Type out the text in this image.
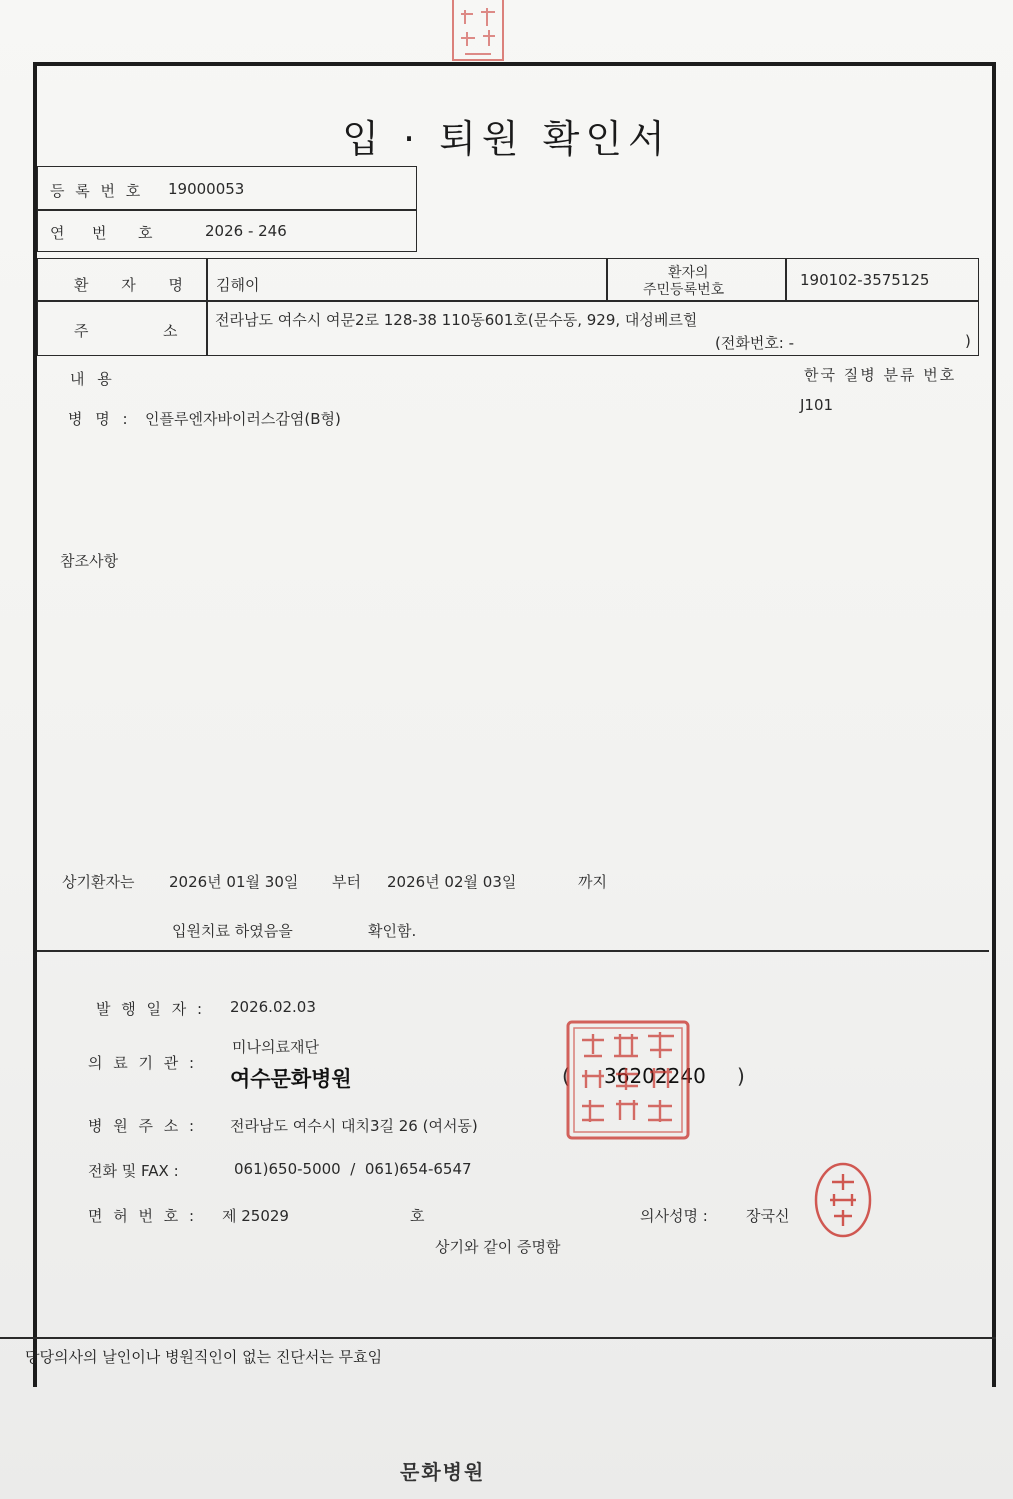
입 · 퇴원 확인서
등 록 번 호 19000053
연 번 호	2026 - 246
환 자 명 김해이
환자의
주민등록번호
190102-3575125
주	소
전라남도 여수시 여문2로 128-38 110동601호(문수동, 929, 대성베르힐
(전화번호: -	)
내 용	한국 질병 분류 번호
J101
병 명 : 인플루엔자바이러스감염(B형)
참조사항
상기환자는 2026년 01월 30일 부터 2026년 02월 03일	까지
입원치료 하였음을	확인함.
발 행 일 자 : 2026.02.03
의 료 기 관 :
미나의료재단
여수문화병원	( 36202240 )
병 원 주 소 : 전라남도 여수시 대치3길 26 (여서동)
전화 및 FAX :	061)650-5000  /  061)654-6547
면 허 번 호 : 제 25029	호	의사성명 :	장국신
상기와 같이 증명함
당당의사의 날인이나 병원직인이 없는 진단서는 무효임
문화병원
